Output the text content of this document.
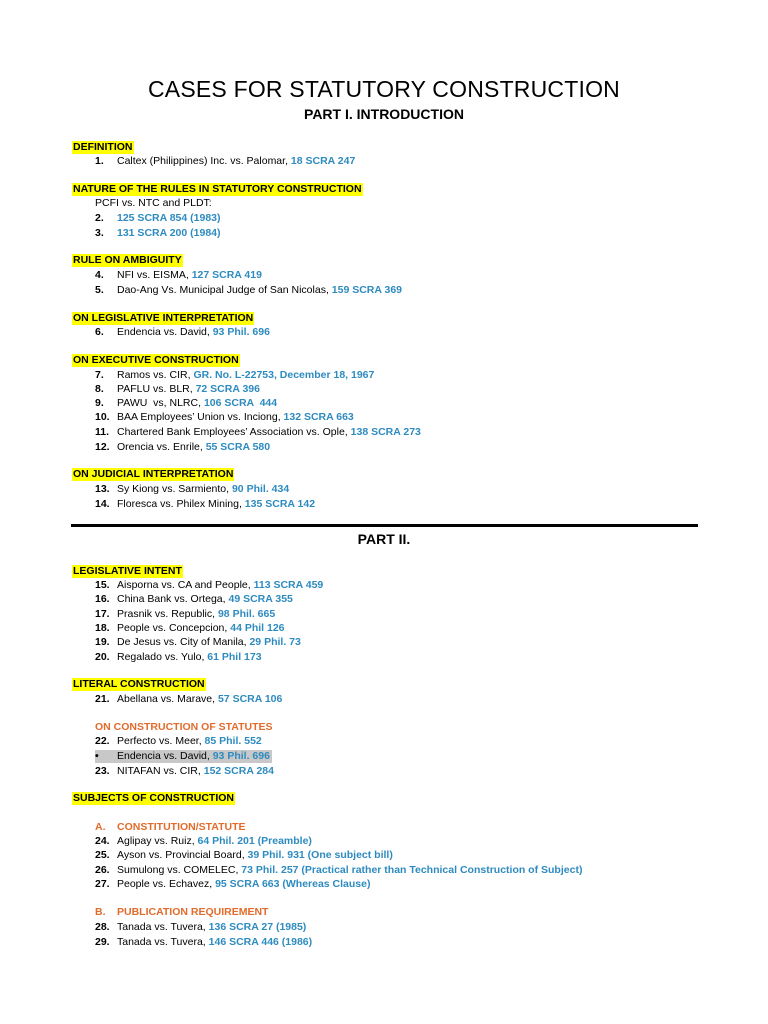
CASES FOR STATUTORY CONSTRUCTION
PART I. INTRODUCTION
DEFINITION
1. Caltex (Philippines) Inc. vs. Palomar, 18 SCRA 247
NATURE OF THE RULES IN STATUTORY CONSTRUCTION
PCFI vs. NTC and PLDT:
2. 125 SCRA 854 (1983)
3. 131 SCRA 200 (1984)
RULE ON AMBIGUITY
4. NFI vs. EISMA, 127 SCRA 419
5. Dao-Ang Vs. Municipal Judge of San Nicolas, 159 SCRA 369
ON LEGISLATIVE INTERPRETATION
6. Endencia vs. David, 93 Phil. 696
ON EXECUTIVE CONSTRUCTION
7. Ramos vs. CIR, GR. No. L-22753, December 18, 1967
8. PAFLU vs. BLR, 72 SCRA 396
9. PAWU  vs, NLRC, 106 SCRA  444
10. BAA Employees’ Union vs. Inciong, 132 SCRA 663
11. Chartered Bank Employees’ Association vs. Ople, 138 SCRA 273
12. Orencia vs. Enrile, 55 SCRA 580
ON JUDICIAL INTERPRETATION
13. Sy Kiong vs. Sarmiento, 90 Phil. 434
14. Floresca vs. Philex Mining, 135 SCRA 142
PART II.
LEGISLATIVE INTENT
15. Aisporna vs. CA and People, 113 SCRA 459
16. China Bank vs. Ortega, 49 SCRA 355
17. Prasnik vs. Republic, 98 Phil. 665
18. People vs. Concepcion, 44 Phil 126
19. De Jesus vs. City of Manila, 29 Phil. 73
20. Regalado vs. Yulo, 61 Phil 173
LITERAL CONSTRUCTION
21. Abellana vs. Marave, 57 SCRA 106
ON CONSTRUCTION OF STATUTES
22. Perfecto vs. Meer, 85 Phil. 552
• Endencia vs. David, 93 Phil. 696
23. NITAFAN vs. CIR, 152 SCRA 284
SUBJECTS OF CONSTRUCTION
A. CONSTITUTION/STATUTE
24. Aglipay vs. Ruiz, 64 Phil. 201 (Preamble)
25. Ayson vs. Provincial Board, 39 Phil. 931 (One subject bill)
26. Sumulong vs. COMELEC, 73 Phil. 257 (Practical rather than Technical Construction of Subject)
27. People vs. Echavez, 95 SCRA 663 (Whereas Clause)
B. PUBLICATION REQUIREMENT
28. Tanada vs. Tuvera, 136 SCRA 27 (1985)
29. Tanada vs. Tuvera, 146 SCRA 446 (1986)
